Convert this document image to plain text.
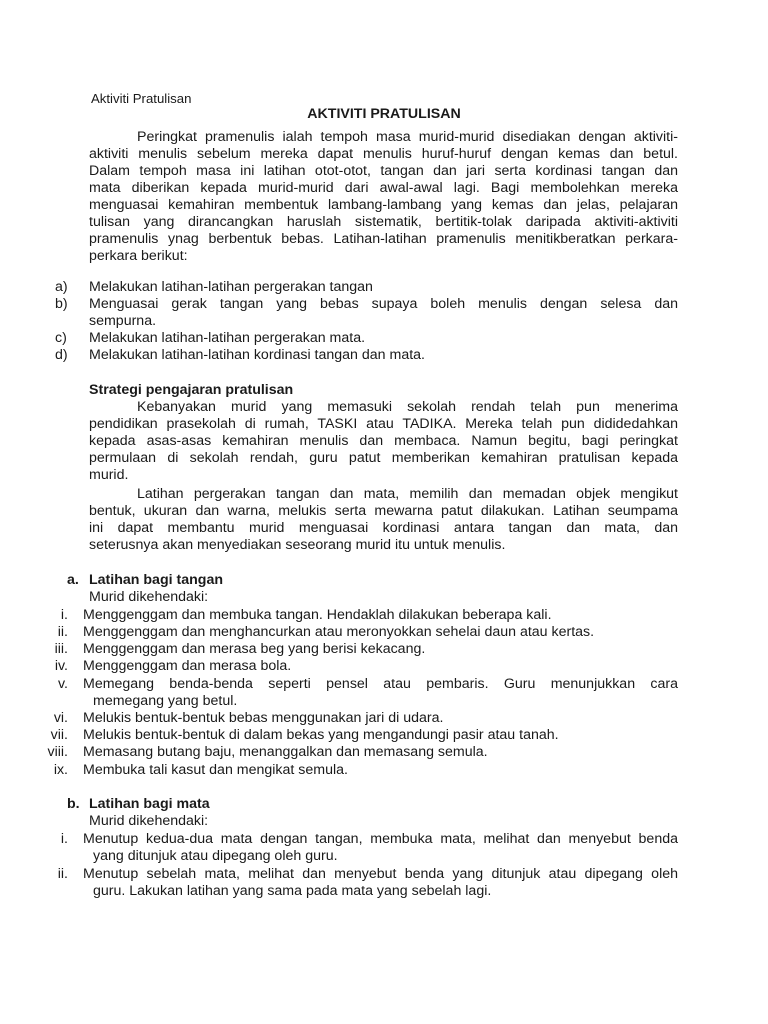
Aktiviti Pratulisan
AKTIVITI PRATULISAN
Peringkat pramenulis ialah tempoh masa murid-murid disediakan dengan aktiviti-
aktiviti menulis sebelum mereka dapat menulis huruf-huruf dengan kemas dan betul.
Dalam tempoh masa ini latihan otot-otot, tangan dan jari serta kordinasi tangan dan
mata diberikan kepada murid-murid dari awal-awal lagi. Bagi membolehkan mereka
menguasai kemahiran membentuk lambang-lambang yang kemas dan jelas, pelajaran
tulisan yang dirancangkan haruslah sistematik, bertitik-tolak daripada aktiviti-aktiviti
pramenulis ynag berbentuk bebas. Latihan-latihan pramenulis menitikberatkan perkara-
perkara berikut:
a) Melakukan latihan-latihan pergerakan tangan
b) Menguasai gerak tangan yang bebas supaya boleh menulis dengan selesa dan
sempurna.
c) Melakukan latihan-latihan pergerakan mata.
d) Melakukan latihan-latihan kordinasi tangan dan mata.
Strategi pengajaran pratulisan
Kebanyakan murid yang memasuki sekolah rendah telah pun menerima
pendidikan prasekolah di rumah, TASKI atau TADIKA. Mereka telah pun dididedahkan
kepada asas-asas kemahiran menulis dan membaca. Namun begitu, bagi peringkat
permulaan di sekolah rendah, guru patut memberikan kemahiran pratulisan kepada
murid.
Latihan pergerakan tangan dan mata, memilih dan memadan objek mengikut
bentuk, ukuran dan warna, melukis serta mewarna patut dilakukan. Latihan seumpama
ini dapat membantu murid menguasai kordinasi antara tangan dan mata, dan
seterusnya akan menyediakan seseorang murid itu untuk menulis.
a. Latihan bagi tangan
Murid dikehendaki:
i. Menggenggam dan membuka tangan. Hendaklah dilakukan beberapa kali.
ii. Menggenggam dan menghancurkan atau meronyokkan sehelai daun atau kertas.
iii. Menggenggam dan merasa beg yang berisi kekacang.
iv. Menggenggam dan merasa bola.
v. Memegang benda-benda seperti pensel atau pembaris. Guru menunjukkan cara
memegang yang betul.
vi. Melukis bentuk-bentuk bebas menggunakan jari di udara.
vii. Melukis bentuk-bentuk di dalam bekas yang mengandungi pasir atau tanah.
viii. Memasang butang baju, menanggalkan dan memasang semula.
ix. Membuka tali kasut dan mengikat semula.
b. Latihan bagi mata
Murid dikehendaki:
i. Menutup kedua-dua mata dengan tangan, membuka mata, melihat dan menyebut benda
yang ditunjuk atau dipegang oleh guru.
ii. Menutup sebelah mata, melihat dan menyebut benda yang ditunjuk atau dipegang oleh
guru. Lakukan latihan yang sama pada mata yang sebelah lagi.
